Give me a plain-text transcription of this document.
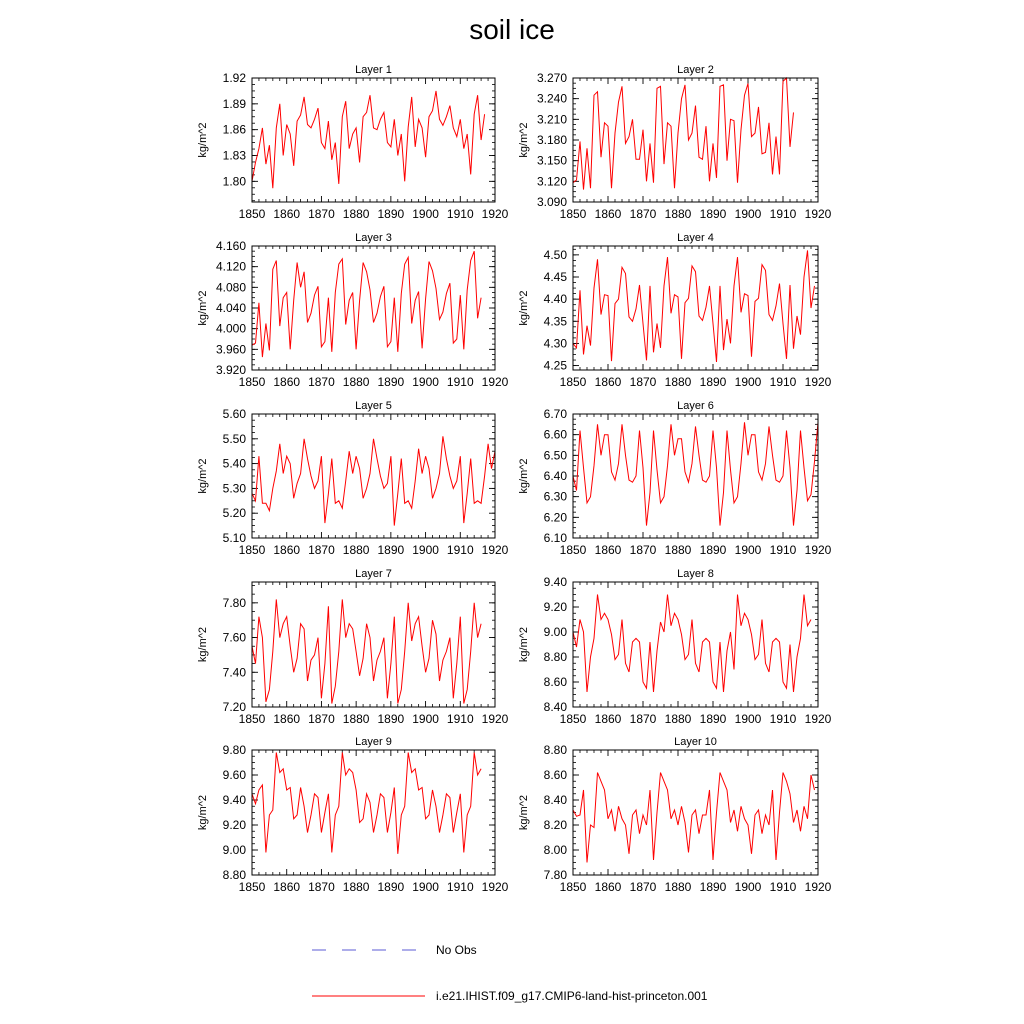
soil ice
Layer 1
kg/m^2
1850 1860 1870 1880 1890 1900 1910 1920
1.80
1.83
1.86
1.89
1.92
Layer 2
kg/m^2
1850 1860 1870 1880 1890 1900 1910 1920
3.090
3.120
3.150
3.180
3.210
3.240
3.270
Layer 3
kg/m^2
1850 1860 1870 1880 1890 1900 1910 1920
3.920
3.960
4.000
4.040
4.080
4.120
4.160
Layer 4
kg/m^2
1850 1860 1870 1880 1890 1900 1910 1920
4.25
4.30
4.35
4.40
4.45
4.50
Layer 5
kg/m^2
1850 1860 1870 1880 1890 1900 1910 1920
5.10
5.20
5.30
5.40
5.50
5.60
Layer 6
kg/m^2
1850 1860 1870 1880 1890 1900 1910 1920
6.10
6.20
6.30
6.40
6.50
6.60
6.70
Layer 7
kg/m^2
1850 1860 1870 1880 1890 1900 1910 1920
7.20
7.40
7.60
7.80
Layer 8
kg/m^2
1850 1860 1870 1880 1890 1900 1910 1920
8.40
8.60
8.80
9.00
9.20
9.40
Layer 9
kg/m^2
1850 1860 1870 1880 1890 1900 1910 1920
8.80
9.00
9.20
9.40
9.60
9.80
Layer 10
kg/m^2
1850 1860 1870 1880 1890 1900 1910 1920
7.80
8.00
8.20
8.40
8.60
8.80
No Obs
i.e21.IHIST.f09_g17.CMIP6-land-hist-princeton.001
